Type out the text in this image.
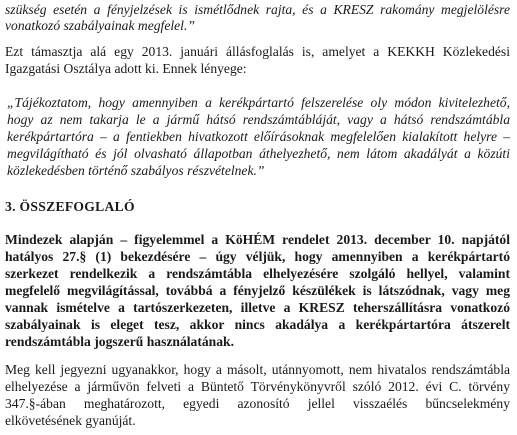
szükség esetén a fényjelzések is ismétlődnek rajta, és a KRESZ rakomány megjelölésre
vonatkozó szabályainak megfelel.”
Ezt támasztja alá egy 2013. januári állásfoglalás is, amelyet a KEKKH Közlekedési
Igazgatási Osztálya adott ki. Ennek lényege:
„Tájékoztatom, hogy amennyiben a kerékpártartó felszerelése oly módon kivitelezhető,
hogy az nem takarja le a jármű hátsó rendszámtábláját, vagy a hátsó rendszámtábla
kerékpártartóra – a fentiekben hivatkozott előírásoknak megfelelően kialakított helyre –
megvilágítható és jól olvasható állapotban áthelyezhető, nem látom akadályát a közúti
közlekedésben történő szabályos részvételnek.”
3. ÖSSZEFOGLALÓ
Mindezek alapján – figyelemmel a KöHÉM rendelet 2013. december 10. napjától
hatályos 27.§ (1) bekezdésére – úgy véljük, hogy amennyiben a kerékpártartó
szerkezet rendelkezik a rendszámtábla elhelyezésére szolgáló hellyel, valamint
megfelelő megvilágítással, továbbá a fényjelző készülékek is látszódnak, vagy meg
vannak ismételve a tartószerkezeten, illetve a KRESZ teherszállításra vonatkozó
szabályainak is eleget tesz, akkor nincs akadálya a kerékpártartóra átszerelt
rendszámtábla jogszerű használatának.
Meg kell jegyezni ugyanakkor, hogy a másolt, utánnyomott, nem hivatalos rendszámtábla
elhelyezése a járművön felveti a Büntető Törvénykönyvről szóló 2012. évi C. törvény
347.§-ában meghatározott, egyedi azonosító jellel visszaélés bűncselekmény
elkövetésének gyanúját.
